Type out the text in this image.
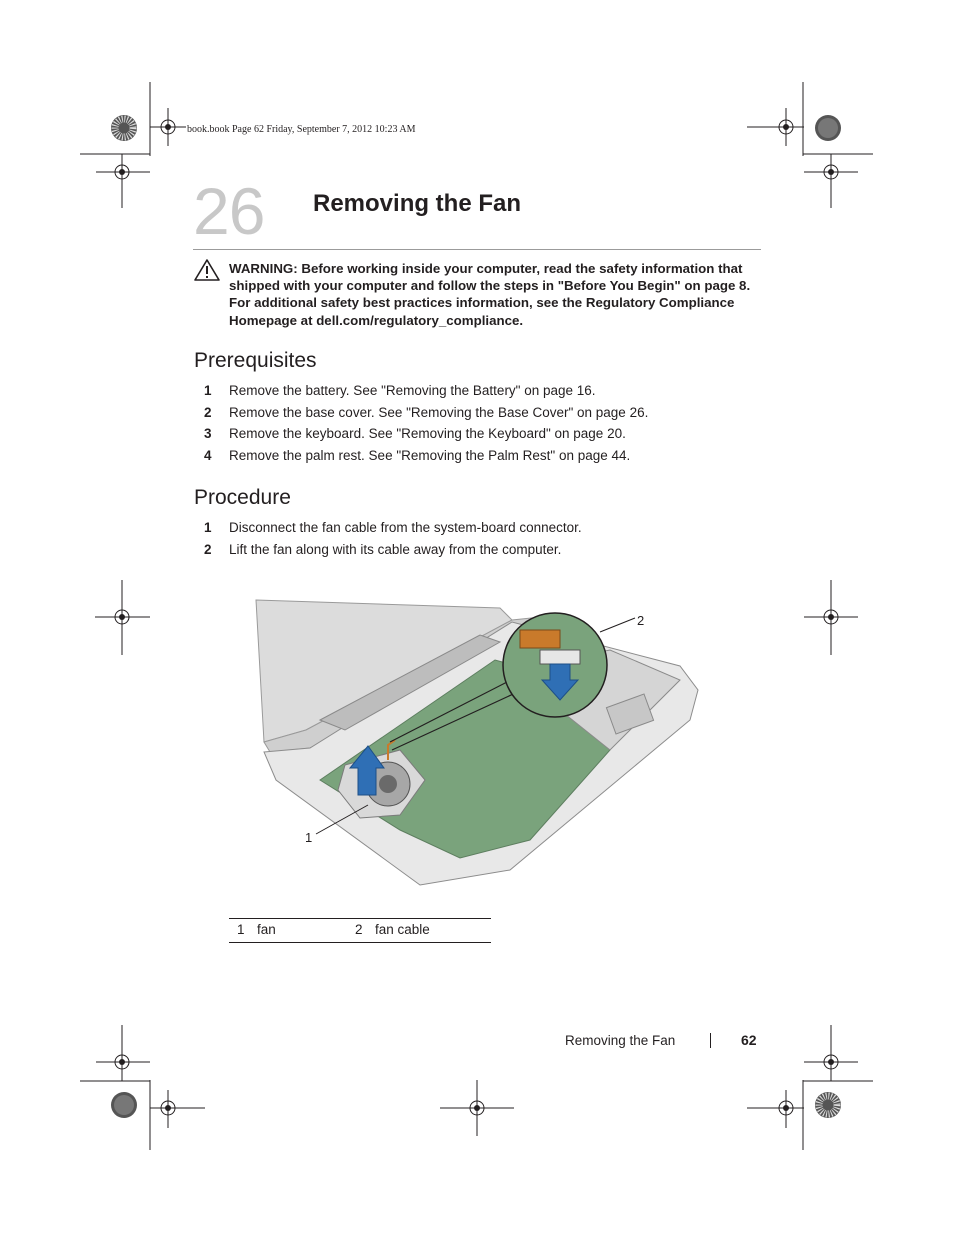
book.book Page 62 Friday, September 7, 2012 10:23 AM
26 Removing the Fan
WARNING: Before working inside your computer, read the safety information that shipped with your computer and follow the steps in "Before You Begin" on page 8. For additional safety best practices information, see the Regulatory Compliance Homepage at dell.com/regulatory_compliance.
Prerequisites
1 Remove the battery. See "Removing the Battery" on page 16.
2 Remove the base cover. See "Removing the Base Cover" on page 26.
3 Remove the keyboard. See "Removing the Keyboard" on page 20.
4 Remove the palm rest. See "Removing the Palm Rest" on page 44.
Procedure
1 Disconnect the fan cable from the system-board connector.
2 Lift the fan along with its cable away from the computer.
1
2
1 fan	2 fan cable
Removing the Fan	62
